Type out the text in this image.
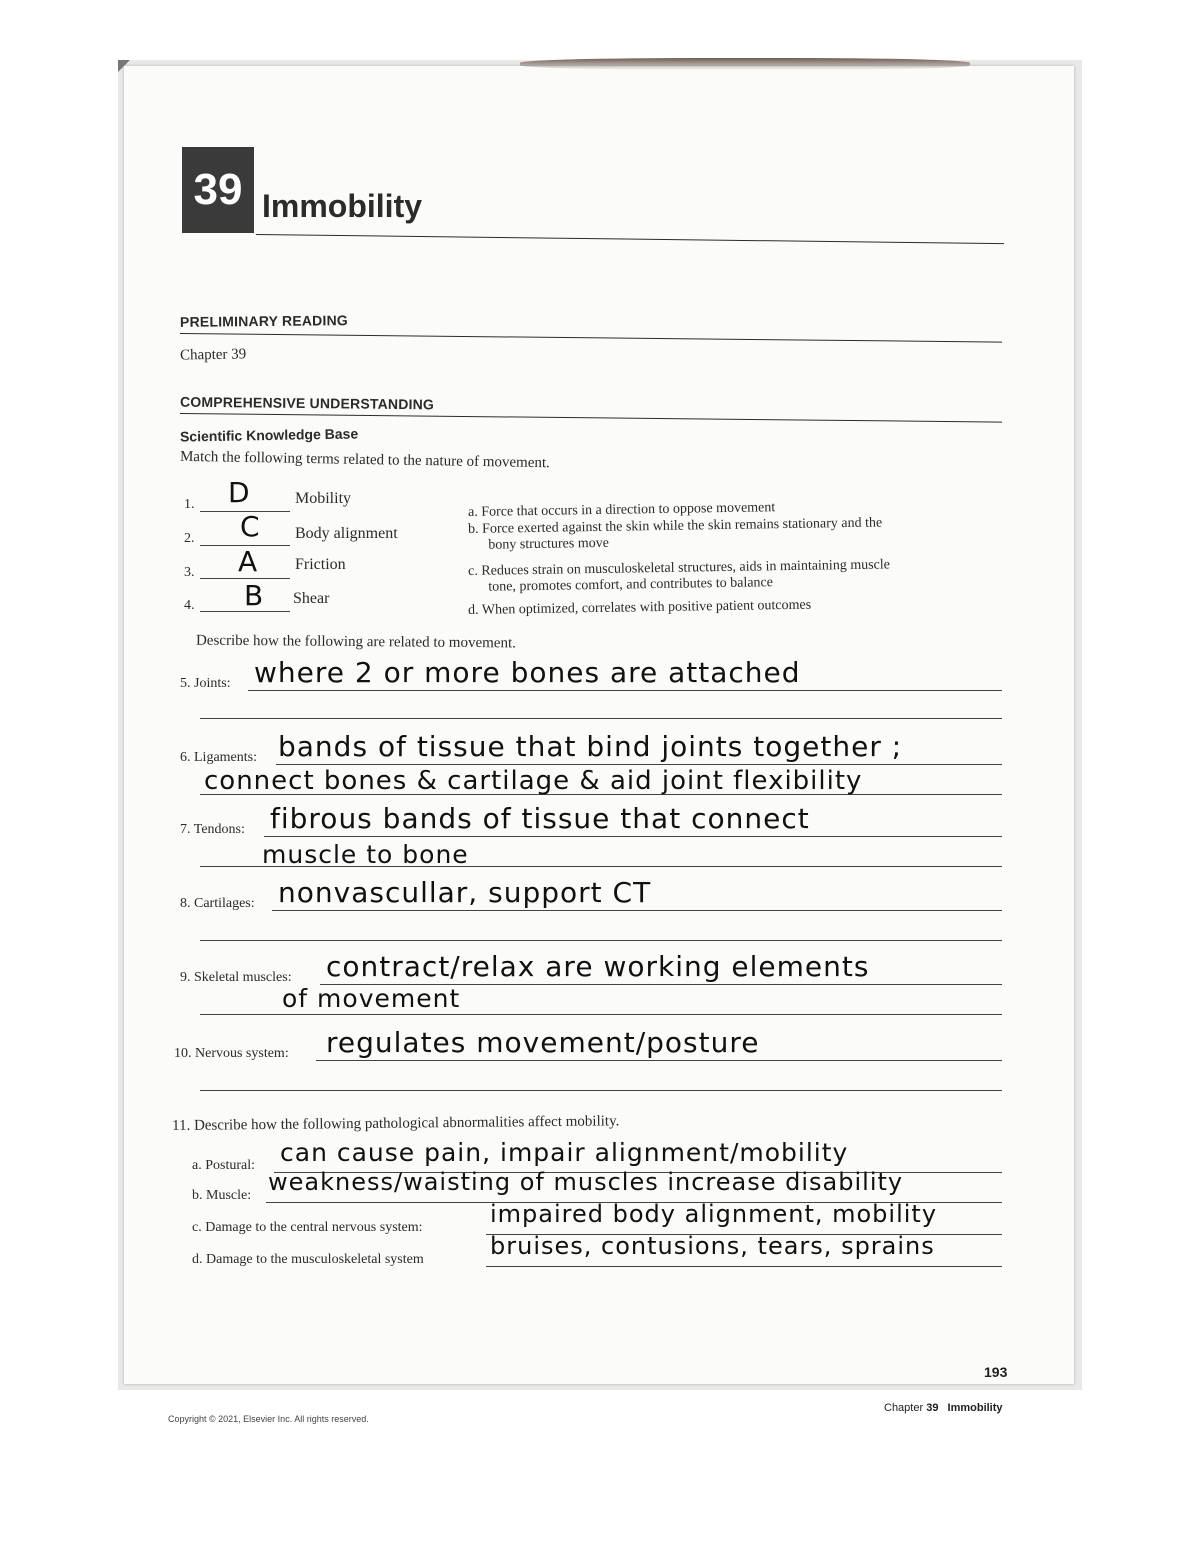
39 Immobility
PRELIMINARY READING
Chapter 39
COMPREHENSIVE UNDERSTANDING
Scientific Knowledge Base
Match the following terms related to the nature of movement.
1. D	Mobility
2. C Body alignment
3. A Friction
4. B Shear
a. Force that occurs in a direction to oppose movement
b. Force exerted against the skin while the skin remains stationary and the
bony structures move
c. Reduces strain on musculoskeletal structures, aids in maintaining muscle
tone, promotes comfort, and contributes to balance
d. When optimized, correlates with positive patient outcomes
Describe how the following are related to movement.
5. Joints: where 2 or more bones are attached
6. Ligaments: bands of tissue that bind joints together ;
connect bones & cartilage & aid joint flexibility
7. Tendons: fibrous bands of tissue that connect
muscle to bone
8. Cartilages: nonvascullar, support CT
9. Skeletal muscles: contract/relax are working elements
of movement
10. Nervous system: regulates movement/posture
11. Describe how the following pathological abnormalities affect mobility.
a. Postural: can cause pain, impair alignment/mobility
b. Muscle: weakness/waisting of muscles increase disability
c. Damage to the central nervous system:	impaired body alignment, mobility
d. Damage to the musculoskeletal system	bruises, contusions, tears, sprains
193
Chapter 39 Immobility
Copyright © 2021, Elsevier Inc. All rights reserved.
